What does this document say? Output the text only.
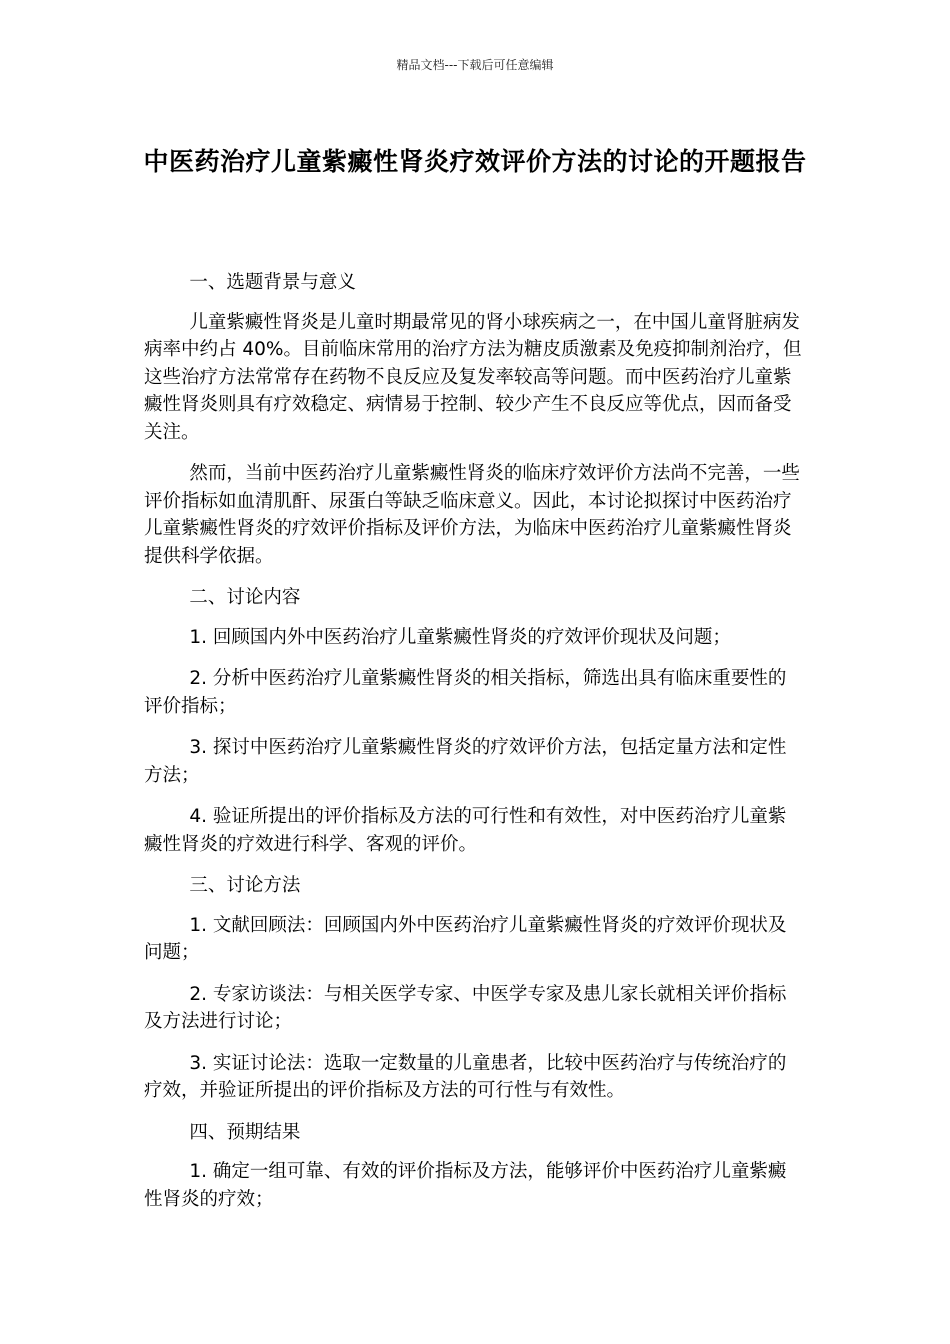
精品文档---下载后可任意编辑
中医药治疗儿童紫癜性肾炎疗效评价方法的讨论的开题报告

一、选题背景与意义

儿童紫癜性肾炎是儿童时期最常见的肾小球疾病之一，在中国儿童肾脏病发病率中约占 40%。目前临床常用的治疗方法为糖皮质激素及免疫抑制剂治疗，但这些治疗方法常常存在药物不良反应及复发率较高等问题。而中医药治疗儿童紫癜性肾炎则具有疗效稳定、病情易于控制、较少产生不良反应等优点，因而备受关注。

然而，当前中医药治疗儿童紫癜性肾炎的临床疗效评价方法尚不完善，一些评价指标如血清肌酐、尿蛋白等缺乏临床意义。因此，本讨论拟探讨中医药治疗儿童紫癜性肾炎的疗效评价指标及评价方法，为临床中医药治疗儿童紫癜性肾炎提供科学依据。

二、讨论内容

1. 回顾国内外中医药治疗儿童紫癜性肾炎的疗效评价现状及问题；

2. 分析中医药治疗儿童紫癜性肾炎的相关指标，筛选出具有临床重要性的评价指标；

3. 探讨中医药治疗儿童紫癜性肾炎的疗效评价方法，包括定量方法和定性方法；

4. 验证所提出的评价指标及方法的可行性和有效性，对中医药治疗儿童紫癜性肾炎的疗效进行科学、客观的评价。

三、讨论方法

1. 文献回顾法：回顾国内外中医药治疗儿童紫癜性肾炎的疗效评价现状及问题；

2. 专家访谈法：与相关医学专家、中医学专家及患儿家长就相关评价指标及方法进行讨论；

3. 实证讨论法：选取一定数量的儿童患者，比较中医药治疗与传统治疗的疗效，并验证所提出的评价指标及方法的可行性与有效性。

四、预期结果

1. 确定一组可靠、有效的评价指标及方法，能够评价中医药治疗儿童紫癜性肾炎的疗效；
